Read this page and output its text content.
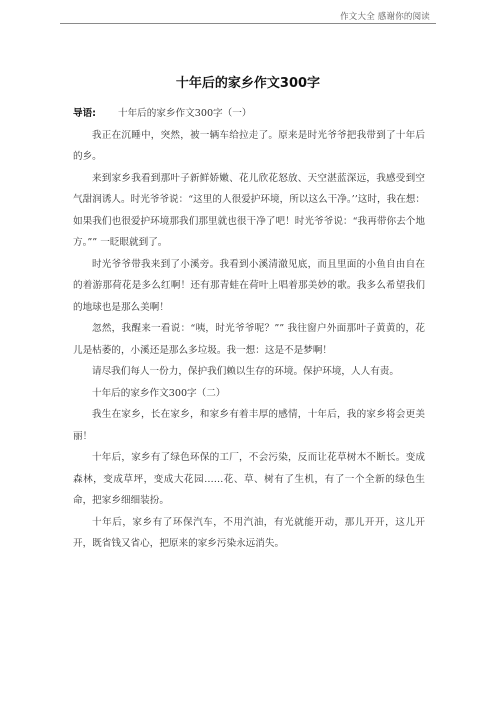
作文大全 感谢你的阅读
十年后的家乡作文300字

导语: 十年后的家乡作文300字（一）

我正在沉睡中，突然，被一辆车给拉走了。原来是时光爷爷把我带到了十年后的乡。

来到家乡我看到那叶子新鲜娇嫩、花儿欣花怒放、天空湛蓝深远，我感受到空气甜润诱人。时光爷爷说：“这里的人很爱护环境，所以这么干净。’’这时，我在想：如果我们也很爱护环境那我们那里就也很干净了吧！时光爷爷说：“我再带你去个地方。”” 一眨眼就到了。

时光爷爷带我来到了小溪旁。我看到小溪清澈见底，而且里面的小鱼自由自在的着游那荷花是多么红啊！还有那青蛙在荷叶上唱着那美妙的歌。我多么希望我们的地球也是那么美啊！

忽然，我醒来一看说：“咦，时光爷爷呢？”” 我往窗户外面那叶子黄黄的，花儿是枯萎的，小溪还是那么多垃圾。我一想：这是不是梦啊！

请尽我们每人一份力，保护我们赖以生存的环境。保护环境，人人有责。

十年后的家乡作文300字（二）

我生在家乡，长在家乡，和家乡有着丰厚的感情，十年后，我的家乡将会更美丽！

十年后，家乡有了绿色环保的工厂，不会污染，反而让花草树木不断长。变成森林，变成草坪，变成大花园……花、草、树有了生机，有了一个全新的绿色生命，把家乡细细装扮。

十年后，家乡有了环保汽车，不用汽油，有光就能开动，那儿开开，这儿开开，既省钱又省心，把原来的家乡污染永远消失。
